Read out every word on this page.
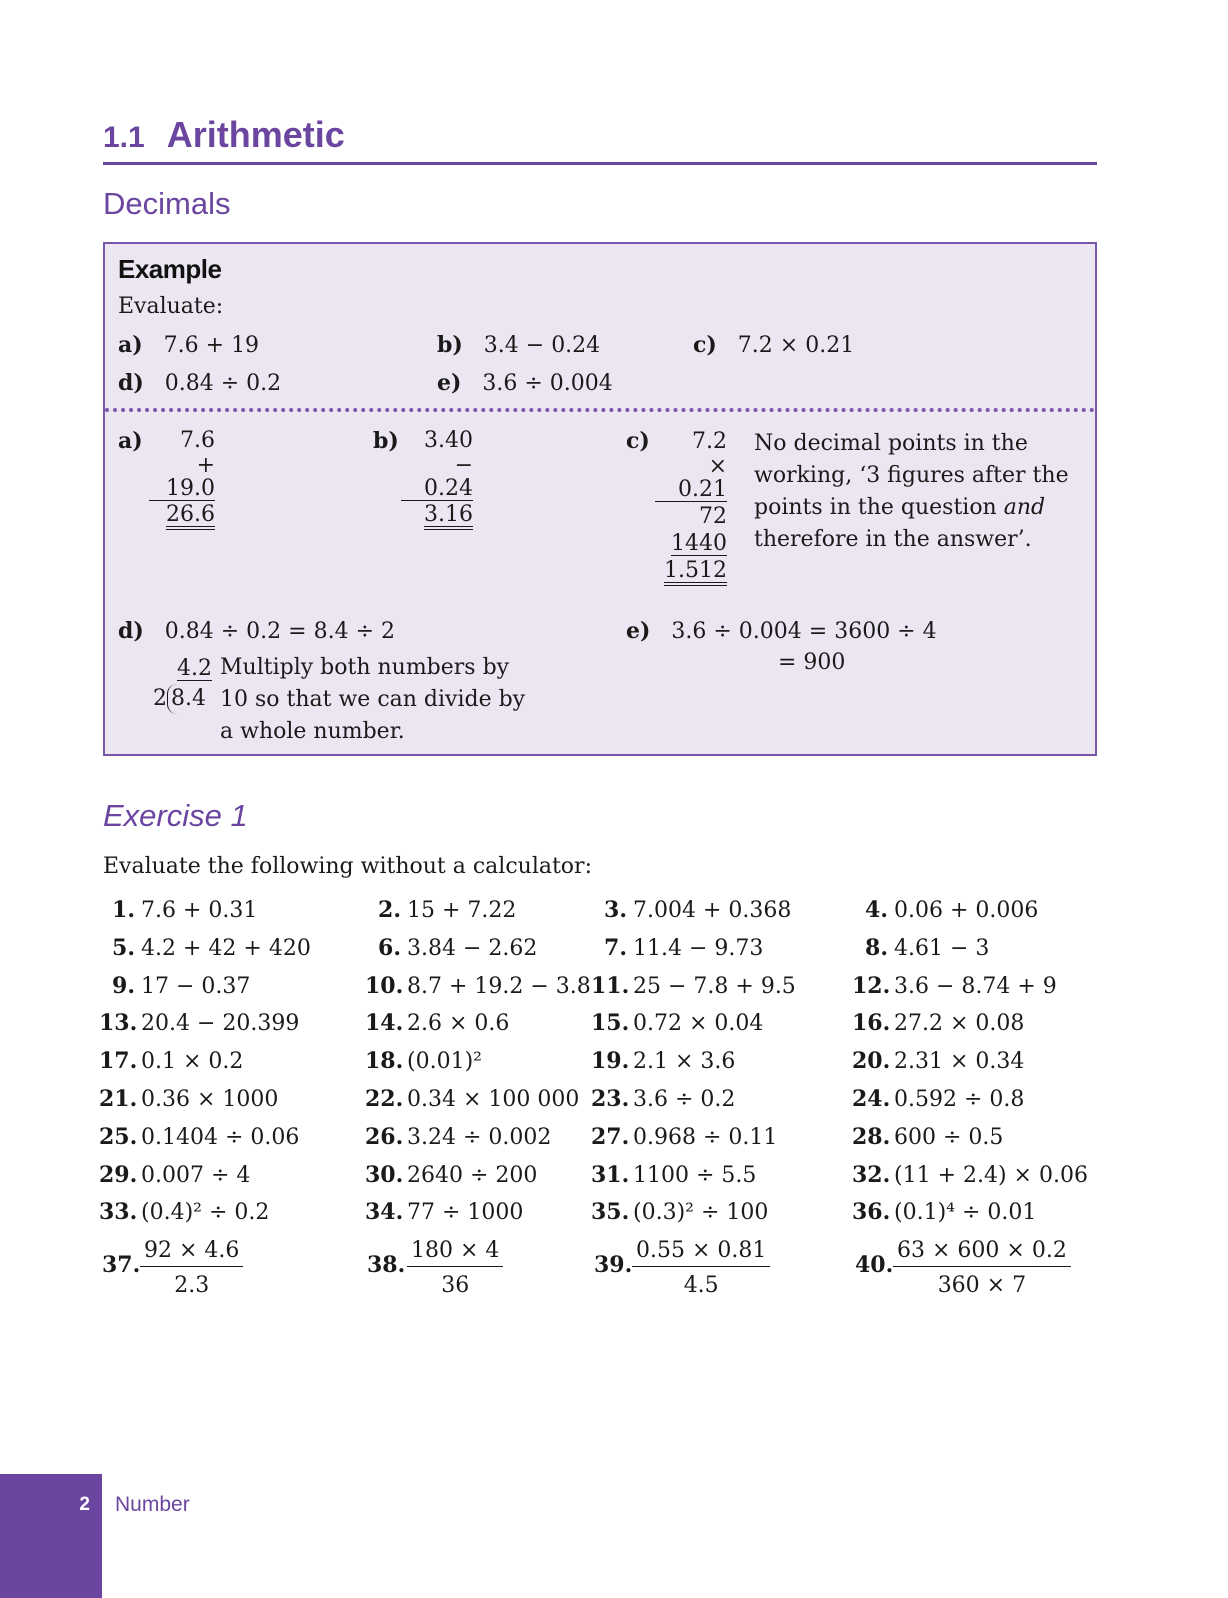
1.1 Arithmetic
Decimals
Example
Evaluate:
a) 7.6 + 19	b) 3.4 − 0.24	c) 7.2 × 0.21
d) 0.84 ÷ 0.2	e) 3.6 ÷ 0.004
a)	7.6
+ 19.0
26.6
b)	3.40
− 0.24
3.16
c)	7.2
× 0.21
72
1440
1.512
No decimal points in the
working, ‘3 figures after the
points in the question and
therefore in the answer’.
d) 0.84 ÷ 0.2 = 8.4 ÷ 2
4.2
2 8.4
Multiply both numbers by
10 so that we can divide by
a whole number.
e) 3.6 ÷ 0.004 = 3600 ÷ 4
= 900
Exercise 1
Evaluate the following without a calculator:
1. 7.6 + 0.31	2. 15 + 7.22	3. 7.004 + 0.368	4. 0.06 + 0.006
5. 4.2 + 42 + 420	6. 3.84 − 2.62	7. 11.4 − 9.73	8. 4.61 − 3
9. 17 − 0.37	10. 8.7 + 19.2 − 3.8 11. 25 − 7.8 + 9.5	12. 3.6 − 8.74 + 9
13. 20.4 − 20.399	14. 2.6 × 0.6	15. 0.72 × 0.04	16. 27.2 × 0.08
17. 0.1 × 0.2	18. (0.01)²	19. 2.1 × 3.6	20. 2.31 × 0.34
21. 0.36 × 1000	22. 0.34 × 100 000 23. 3.6 ÷ 0.2	24. 0.592 ÷ 0.8
25. 0.1404 ÷ 0.06	26. 3.24 ÷ 0.002 27. 0.968 ÷ 0.11	28. 600 ÷ 0.5
29. 0.007 ÷ 4	30. 2640 ÷ 200 31. 1100 ÷ 5.5	32. (11 + 2.4) × 0.06
33. (0.4)² ÷ 0.2	34. 77 ÷ 1000	35. (0.3)² ÷ 100	36. (0.1)⁴ ÷ 0.01
37. $\frac{92 \times 4.6}{2.3}$	38. $\frac{180 \times 4}{36}$	39. $\frac{0.55 \times 0.81}{4.5}$	40. $\frac{63 \times 600 \times 0.2}{360 \times 7}$
2 Number
